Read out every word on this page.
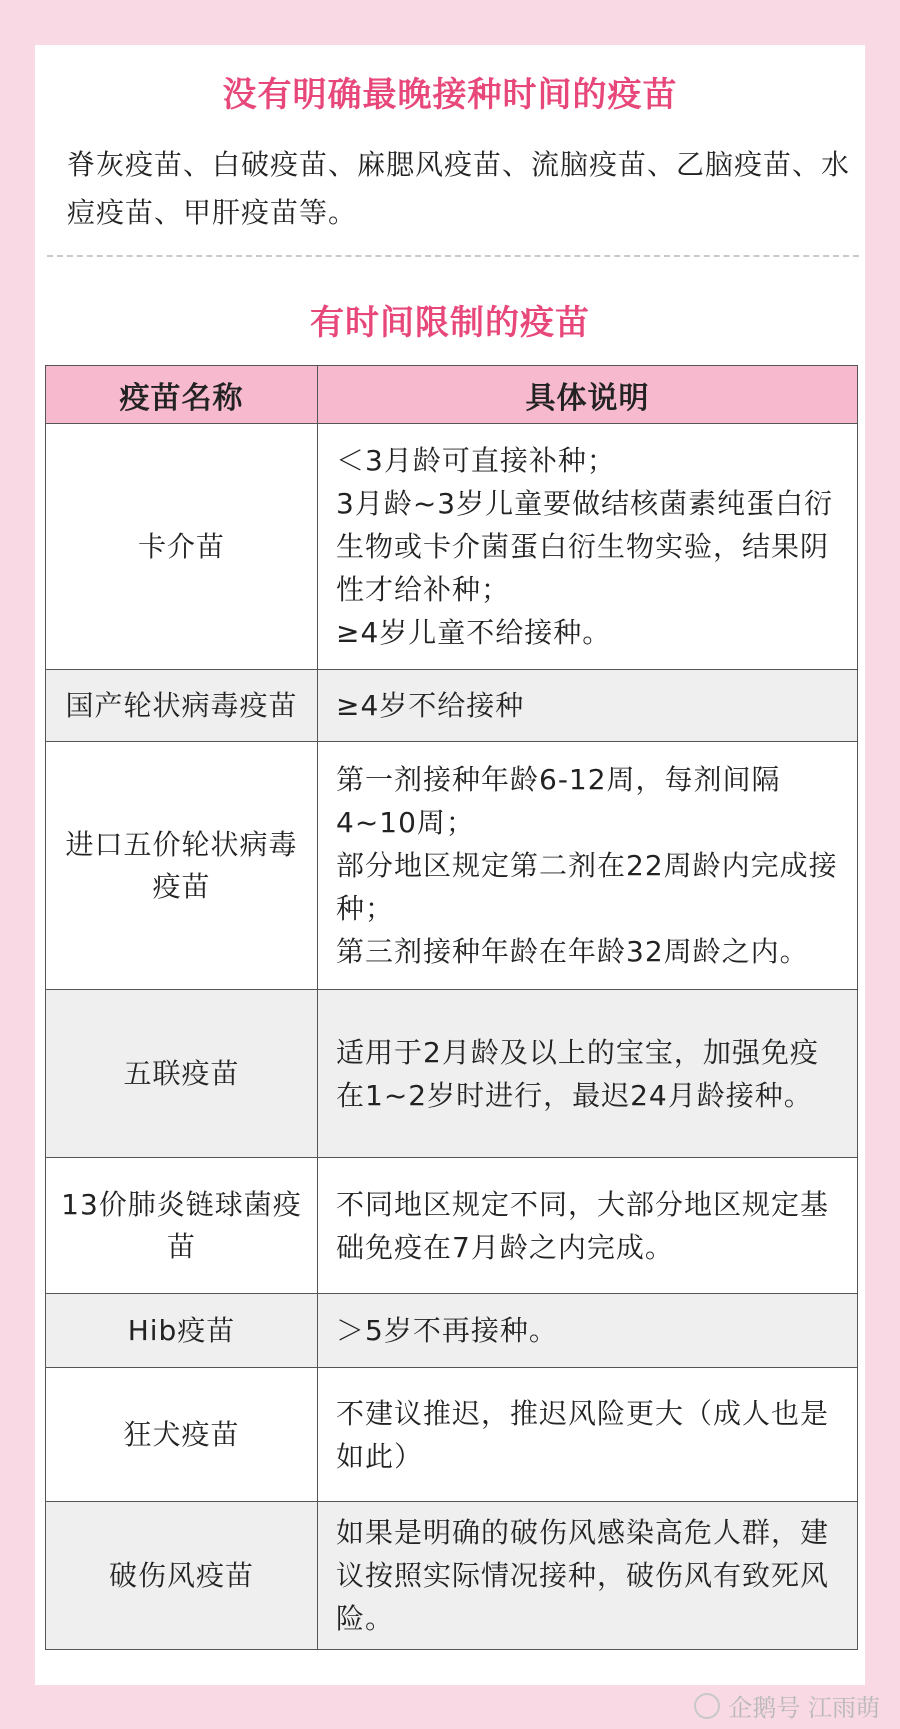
没有明确最晚接种时间的疫苗
脊灰疫苗、白破疫苗、麻腮风疫苗、流脑疫苗、乙脑疫苗、水痘疫苗、甲肝疫苗等。
有时间限制的疫苗
疫苗名称	具体说明
卡介苗	＜3月龄可直接补种；
3月龄~3岁儿童要做结核菌素纯蛋白衍生物或卡介菌蛋白衍生物实验，结果阴性才给补种；
≥4岁儿童不给接种。

国产轮状病毒疫苗	≥4岁不给接种

进口五价轮状病毒疫苗	第一剂接种年龄6-12周，每剂间隔4~10周；
部分地区规定第二剂在22周龄内完成接种；
第三剂接种年龄在年龄32周龄之内。

五联疫苗	适用于2月龄及以上的宝宝，加强免疫在1~2岁时进行，最迟24月龄接种。

13价肺炎链球菌疫苗	不同地区规定不同，大部分地区规定基础免疫在7月龄之内完成。

Hib疫苗	＞5岁不再接种。

狂犬疫苗	不建议推迟，推迟风险更大（成人也是如此）

破伤风疫苗	如果是明确的破伤风感染高危人群，建议按照实际情况接种，破伤风有致死风险。
企鹅号 江雨萌
